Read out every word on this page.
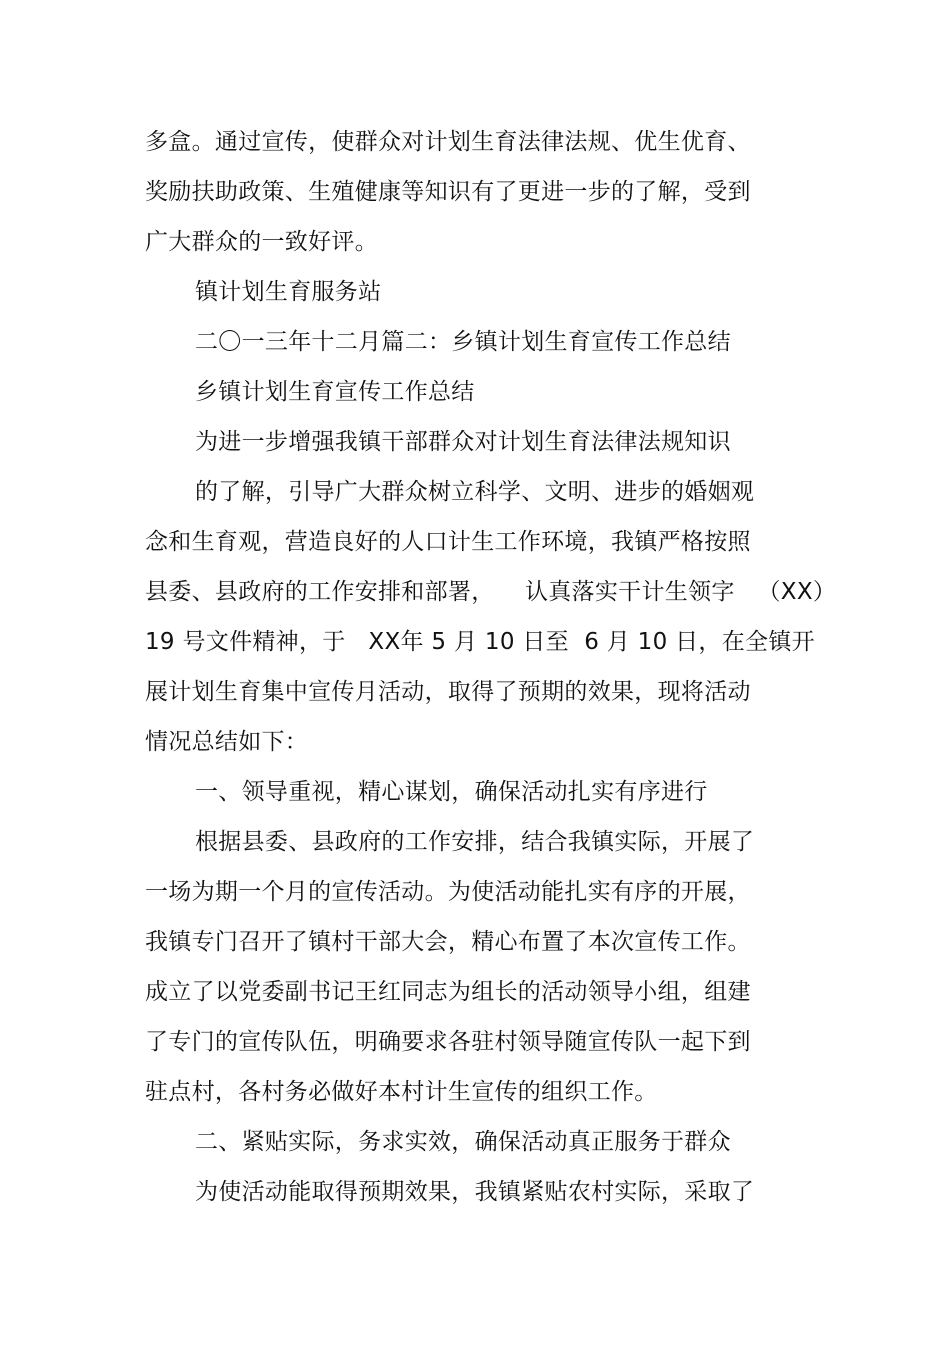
多盒。通过宣传，使群众对计划生育法律法规、优生优育、
奖励扶助政策、生殖健康等知识有了更进一步的了解，受到
广大群众的一致好评。
镇计划生育服务站
二〇一三年十二月篇二：乡镇计划生育宣传工作总结
乡镇计划生育宣传工作总结
为进一步增强我镇干部群众对计划生育法律法规知识
的了解，引导广大群众树立科学、文明、进步的婚姻观
念和生育观，营造良好的人口计生工作环境，我镇严格按照
县委、县政府的工作安排和部署，    认真落实干计生领字   （XX）
19 号文件精神，于   XX年 5 月 10 日至  6 月 10 日，在全镇开
展计划生育集中宣传月活动，取得了预期的效果，现将活动
情况总结如下：
一、领导重视，精心谋划，确保活动扎实有序进行
根据县委、县政府的工作安排，结合我镇实际，开展了
一场为期一个月的宣传活动。为使活动能扎实有序的开展，
我镇专门召开了镇村干部大会，精心布置了本次宣传工作。
成立了以党委副书记王红同志为组长的活动领导小组，组建
了专门的宣传队伍，明确要求各驻村领导随宣传队一起下到
驻点村，各村务必做好本村计生宣传的组织工作。
二、紧贴实际，务求实效，确保活动真正服务于群众
为使活动能取得预期效果，我镇紧贴农村实际，采取了
